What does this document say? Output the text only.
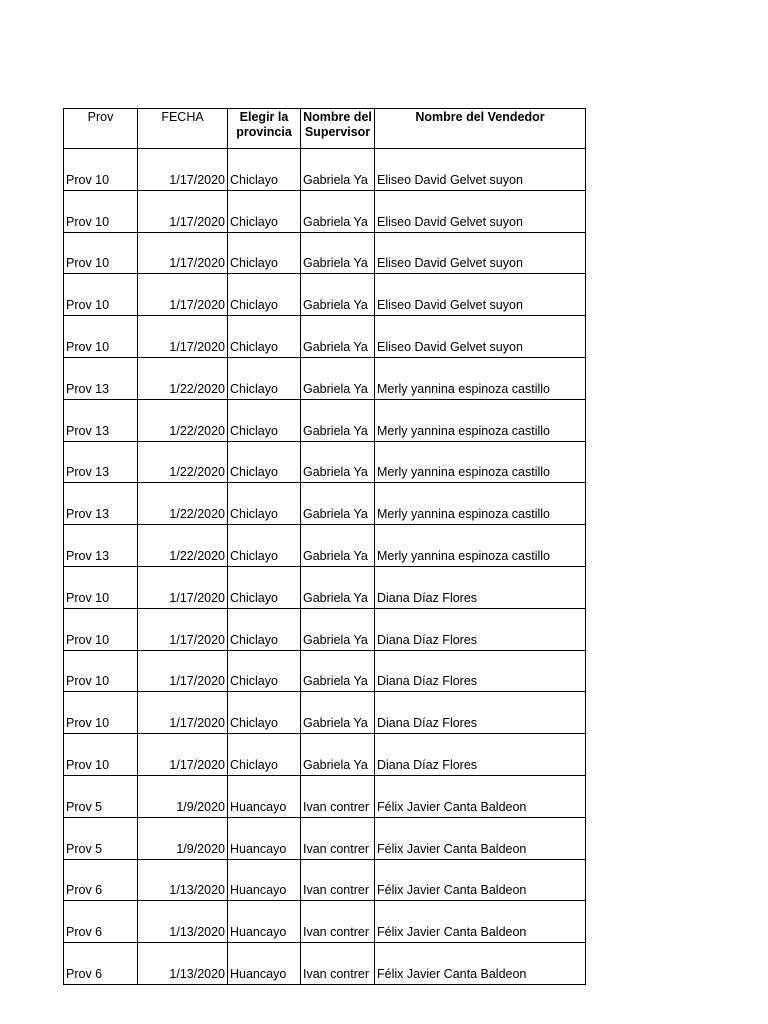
Prov	FECHA	Elegir la provincia	Nombre del Supervisor	Nombre del Vendedor
Prov 10	1/17/2020	Chiclayo	Gabriela Ya	Eliseo David Gelvet suyon
Prov 10	1/17/2020	Chiclayo	Gabriela Ya	Eliseo David Gelvet suyon
Prov 10	1/17/2020	Chiclayo	Gabriela Ya	Eliseo David Gelvet suyon
Prov 10	1/17/2020	Chiclayo	Gabriela Ya	Eliseo David Gelvet suyon
Prov 10	1/17/2020	Chiclayo	Gabriela Ya	Eliseo David Gelvet suyon
Prov 13	1/22/2020	Chiclayo	Gabriela Ya	Merly yannina espinoza castillo
Prov 13	1/22/2020	Chiclayo	Gabriela Ya	Merly yannina espinoza castillo
Prov 13	1/22/2020	Chiclayo	Gabriela Ya	Merly yannina espinoza castillo
Prov 13	1/22/2020	Chiclayo	Gabriela Ya	Merly yannina espinoza castillo
Prov 13	1/22/2020	Chiclayo	Gabriela Ya	Merly yannina espinoza castillo
Prov 10	1/17/2020	Chiclayo	Gabriela Ya	Diana Díaz Flores
Prov 10	1/17/2020	Chiclayo	Gabriela Ya	Diana Díaz Flores
Prov 10	1/17/2020	Chiclayo	Gabriela Ya	Diana Díaz Flores
Prov 10	1/17/2020	Chiclayo	Gabriela Ya	Diana Díaz Flores
Prov 10	1/17/2020	Chiclayo	Gabriela Ya	Diana Díaz Flores
Prov 5	1/9/2020	Huancayo	Ivan contrer	Félix Javier Canta Baldeon
Prov 5	1/9/2020	Huancayo	Ivan contrer	Félix Javier Canta Baldeon
Prov 6	1/13/2020	Huancayo	Ivan contrer	Félix Javier Canta Baldeon
Prov 6	1/13/2020	Huancayo	Ivan contrer	Félix Javier Canta Baldeon
Prov 6	1/13/2020	Huancayo	Ivan contrer	Félix Javier Canta Baldeon
